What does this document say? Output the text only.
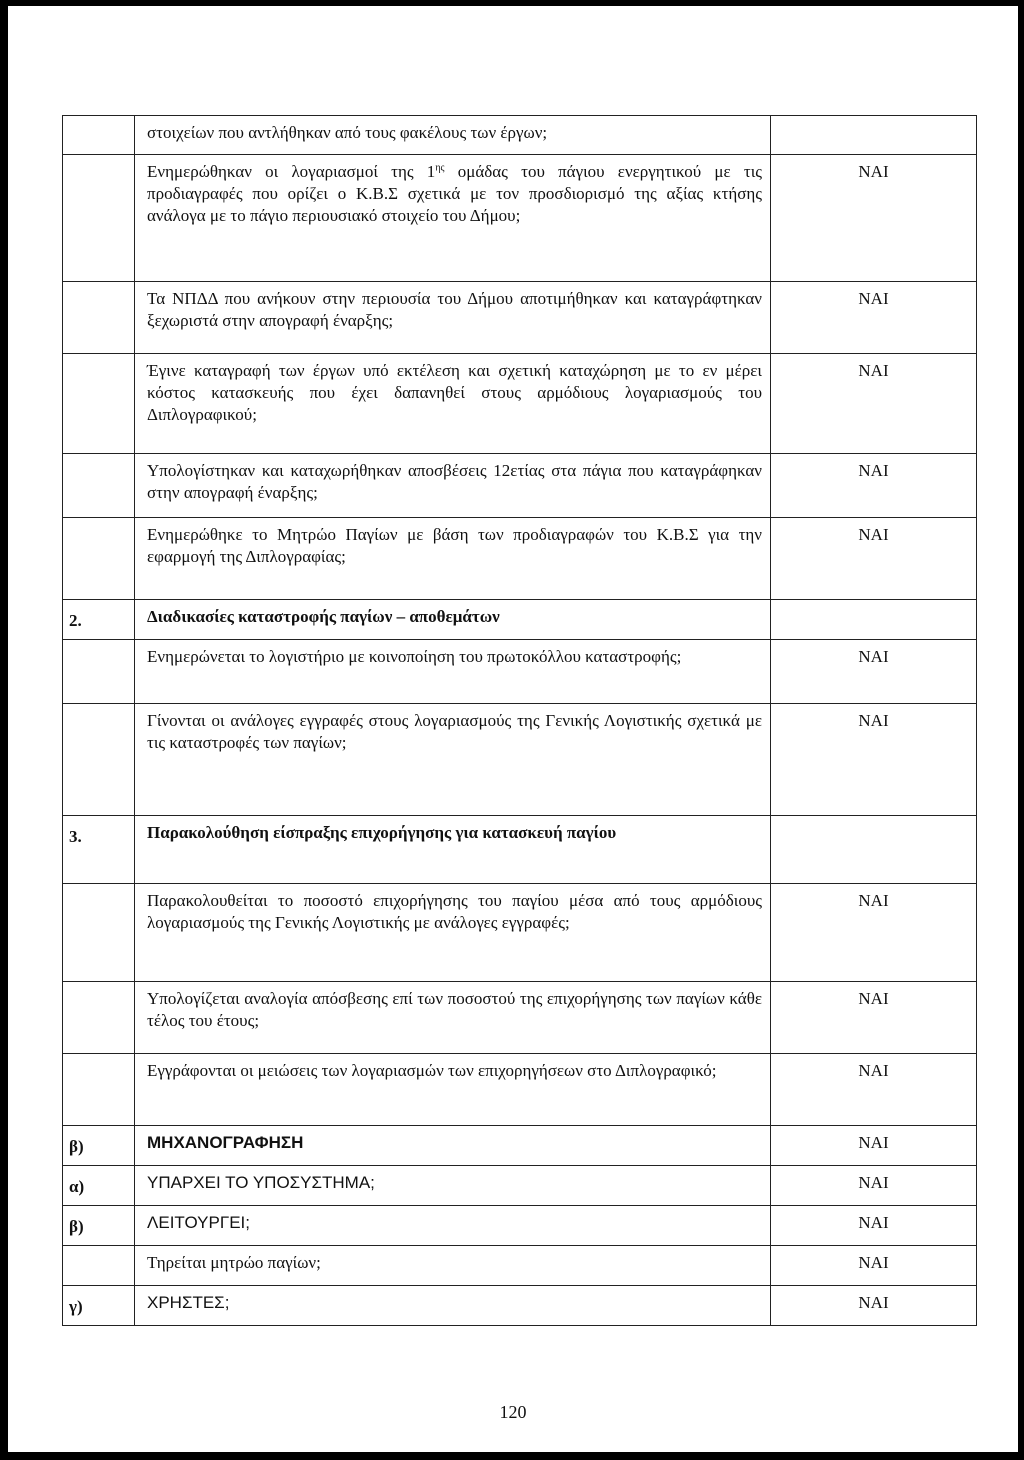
	στοιχείων που αντλήθηκαν από τους φακέλους των έργων;	
	Ενημερώθηκαν οι λογαριασμοί της $1^{\eta\varsigma}$ ομάδας του πάγιου ενεργητικού με τις προδιαγραφές που ορίζει ο Κ.Β.Σ σχετικά με τον προσδιορισμό της αξίας κτήσης ανάλογα με το πάγιο περιουσιακό στοιχείο του Δήμου;	ΝΑΙ
	Τα ΝΠΔΔ που ανήκουν στην περιουσία του Δήμου αποτιμήθηκαν και καταγράφτηκαν ξεχωριστά στην απογραφή έναρξης;	ΝΑΙ
	Έγινε καταγραφή των έργων υπό εκτέλεση και σχετική καταχώρηση με το εν μέρει κόστος κατασκευής που έχει δαπανηθεί στους αρμόδιους λογαριασμούς του Διπλογραφικού;	ΝΑΙ
	Υπολογίστηκαν και καταχωρήθηκαν αποσβέσεις 12ετίας στα πάγια που καταγράφηκαν στην απογραφή έναρξης;	ΝΑΙ
	Ενημερώθηκε το Μητρώο Παγίων με βάση των προδιαγραφών του Κ.Β.Σ για την εφαρμογή της Διπλογραφίας;	ΝΑΙ
2.	Διαδικασίες καταστροφής παγίων – αποθεμάτων	
	Ενημερώνεται το λογιστήριο με κοινοποίηση του πρωτοκόλλου καταστροφής;	ΝΑΙ
	Γίνονται οι ανάλογες εγγραφές στους λογαριασμούς της Γενικής Λογιστικής σχετικά με τις καταστροφές των παγίων;	ΝΑΙ
3.	Παρακολούθηση είσπραξης επιχορήγησης για κατασκευή παγίου	
	Παρακολουθείται το ποσοστό επιχορήγησης του παγίου μέσα από τους αρμόδιους λογαριασμούς της Γενικής Λογιστικής με ανάλογες εγγραφές;	ΝΑΙ
	Υπολογίζεται αναλογία απόσβεσης επί των ποσοστού της επιχορήγησης των παγίων κάθε τέλος του έτους;	ΝΑΙ
	Εγγράφονται οι μειώσεις των λογαριασμών των επιχορηγήσεων στο Διπλογραφικό;	ΝΑΙ
β)	ΜΗΧΑΝΟΓΡΑΦΗΣΗ	ΝΑΙ
α)	ΥΠΑΡΧΕΙ ΤΟ ΥΠΟΣΥΣΤΗΜΑ;	ΝΑΙ
β)	ΛΕΙΤΟΥΡΓΕΙ;	ΝΑΙ
	Τηρείται μητρώο παγίων;	ΝΑΙ
γ)	ΧΡΗΣΤΕΣ;	ΝΑΙ
120
